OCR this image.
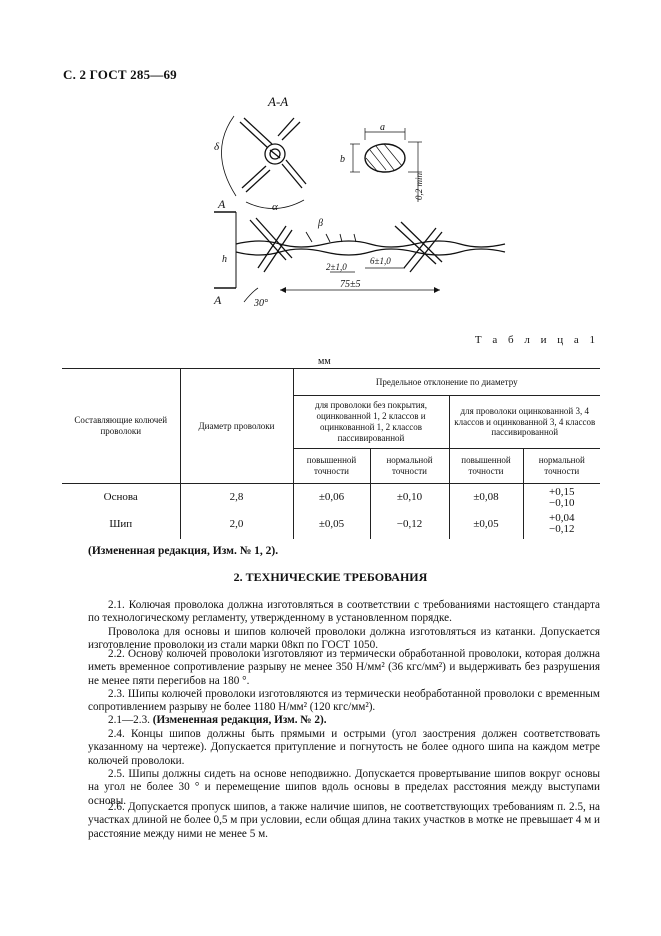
С. 2 ГОСТ 285—69
А-А
δ
α
a
b
0,2 min
А
А
h
β
2±1,0
6±1,0
75±5
30°
Т а б л и ц а 1
мм
Составляющие колючей проволоки	Диаметр проволоки	Предельное отклонение по диаметру			
		для проволоки без покрытия, оцинкованной 1, 2 классов и оцинкованной 1, 2 классов пассивированной		для проволоки оцинкованной 3, 4 классов и оцинкованной 3, 4 классов пассивированной	
		повышенной точности	нормальной точности	повышенной точности	нормальной точности
Основа	2,8	±0,06	±0,10	±0,08	+0,15
−0,10

Шип	2,0	±0,05	−0,12	±0,05	+0,04
−0,12
(Измененная редакция, Изм. № 1, 2).
2. ТЕХНИЧЕСКИЕ ТРЕБОВАНИЯ

2.1. Колючая проволока должна изготовляться в соответствии с требованиями настоящего стандарта по технологическому регламенту, утвержденному в установленном порядке.

Проволока для основы и шипов колючей проволоки должна изготовляться из катанки. Допускается изготовление проволоки из стали марки 08кп по ГОСТ 1050.

2.2. Основу колючей проволоки изготовляют из термически обработанной проволоки, которая должна иметь временное сопротивление разрыву не менее 350 Н/мм² (36 кгс/мм²) и выдерживать без разрушения не менее пяти перегибов на 180 °.

2.3. Шипы колючей проволоки изготовляются из термически необработанной проволоки с временным сопротивлением разрыву не более 1180 Н/мм² (120 кгс/мм²).

2.1—2.3. (Измененная редакция, Изм. № 2).

2.4. Концы шипов должны быть прямыми и острыми (угол заострения должен соответствовать указанному на чертеже). Допускается притупление и погнутость не более одного шипа на каждом метре колючей проволоки.

2.5. Шипы должны сидеть на основе неподвижно. Допускается провертывание шипов вокруг основы на угол не более 30 ° и перемещение шипов вдоль основы в пределах расстояния между выступами основы.

2.6. Допускается пропуск шипов, а также наличие шипов, не соответствующих требованиям п. 2.5, на участках длиной не более 0,5 м при условии, если общая длина таких участков в мотке не превышает 4 м и расстояние между ними не менее 5 м.
